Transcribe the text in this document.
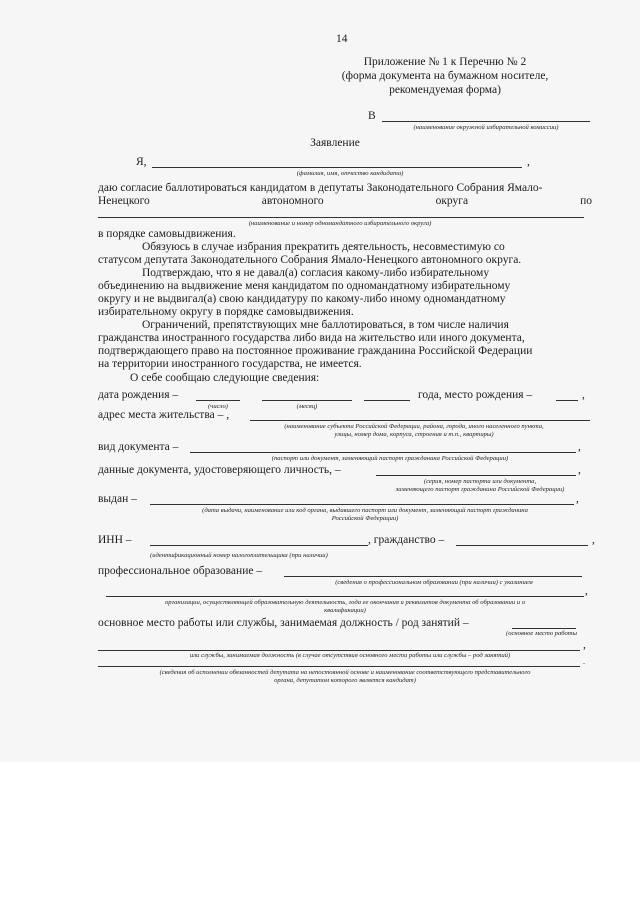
14
Приложение № 1 к Перечню № 2
(форма документа на бумажном носителе,
рекомендуемая форма)
В
(наименование окружной избирательной комиссии)
Заявление
Я,	,
(фамилия, имя, отчество кандидата)
даю согласие баллотироваться кандидатом в депутаты Законодательного Собрания Ямало-
Ненецкого	автономного	округа	по
(наименование и номер одномандатного избирательного округа)
в порядке самовыдвижения.
Обязуюсь в случае избрания прекратить деятельность, несовместимую со
статусом депутата Законодательного Собрания Ямало-Ненецкого автономного округа.
Подтверждаю, что я не давал(а) согласия какому-либо избирательному
объединению на выдвижение меня кандидатом по одномандатному избирательному
округу и не выдвигал(а) свою кандидатуру по какому-либо иному одномандатному
избирательному округу в порядке самовыдвижения.
Ограничений, препятствующих мне баллотироваться, в том числе наличия
гражданства иностранного государства либо вида на жительство или иного документа,
подтверждающего право на постоянное проживание гражданина Российской Федерации
на территории иностранного государства, не имеется.
О себе сообщаю следующие сведения:
дата рождения –	года, место рождения –	,
(число)	(месяц)
адрес места жительства – ,
(наименование субъекта Российской Федерации, района, города, иного населенного пункта,
улицы, номер дома, корпуса, строения и т.п., квартиры)
вид документа –	,
(паспорт или документ, заменяющий паспорт гражданина Российской Федерации)
данные документа, удостоверяющего личность, –	,
(серия, номер паспорта или документа,
заменяющего паспорт гражданина Российской Федерации)
выдан –	,
(дата выдачи, наименование или код органа, выдавшего паспорт или документ, заменяющий паспорт гражданина
Российской Федерации)
ИНН –	, гражданство –	,
(идентификационный номер налогоплательщика (при наличии)
профессиональное образование –
(сведения о профессиональном образовании (при наличии) с указанием
,
организации, осуществляющей образовательную деятельность, года ее окончания и реквизитов документа об образовании и о
квалификации)
основное место работы или службы, занимаемая должность / род занятий –
(основное место работы
,
или службы, занимаемая должность (в случае отсутствия основного места работы или службы – род занятий)
.
(сведения об исполнении обязанностей депутата на непостоянной основе и наименование соответствующего представительного
органа, депутатом которого является кандидат)
